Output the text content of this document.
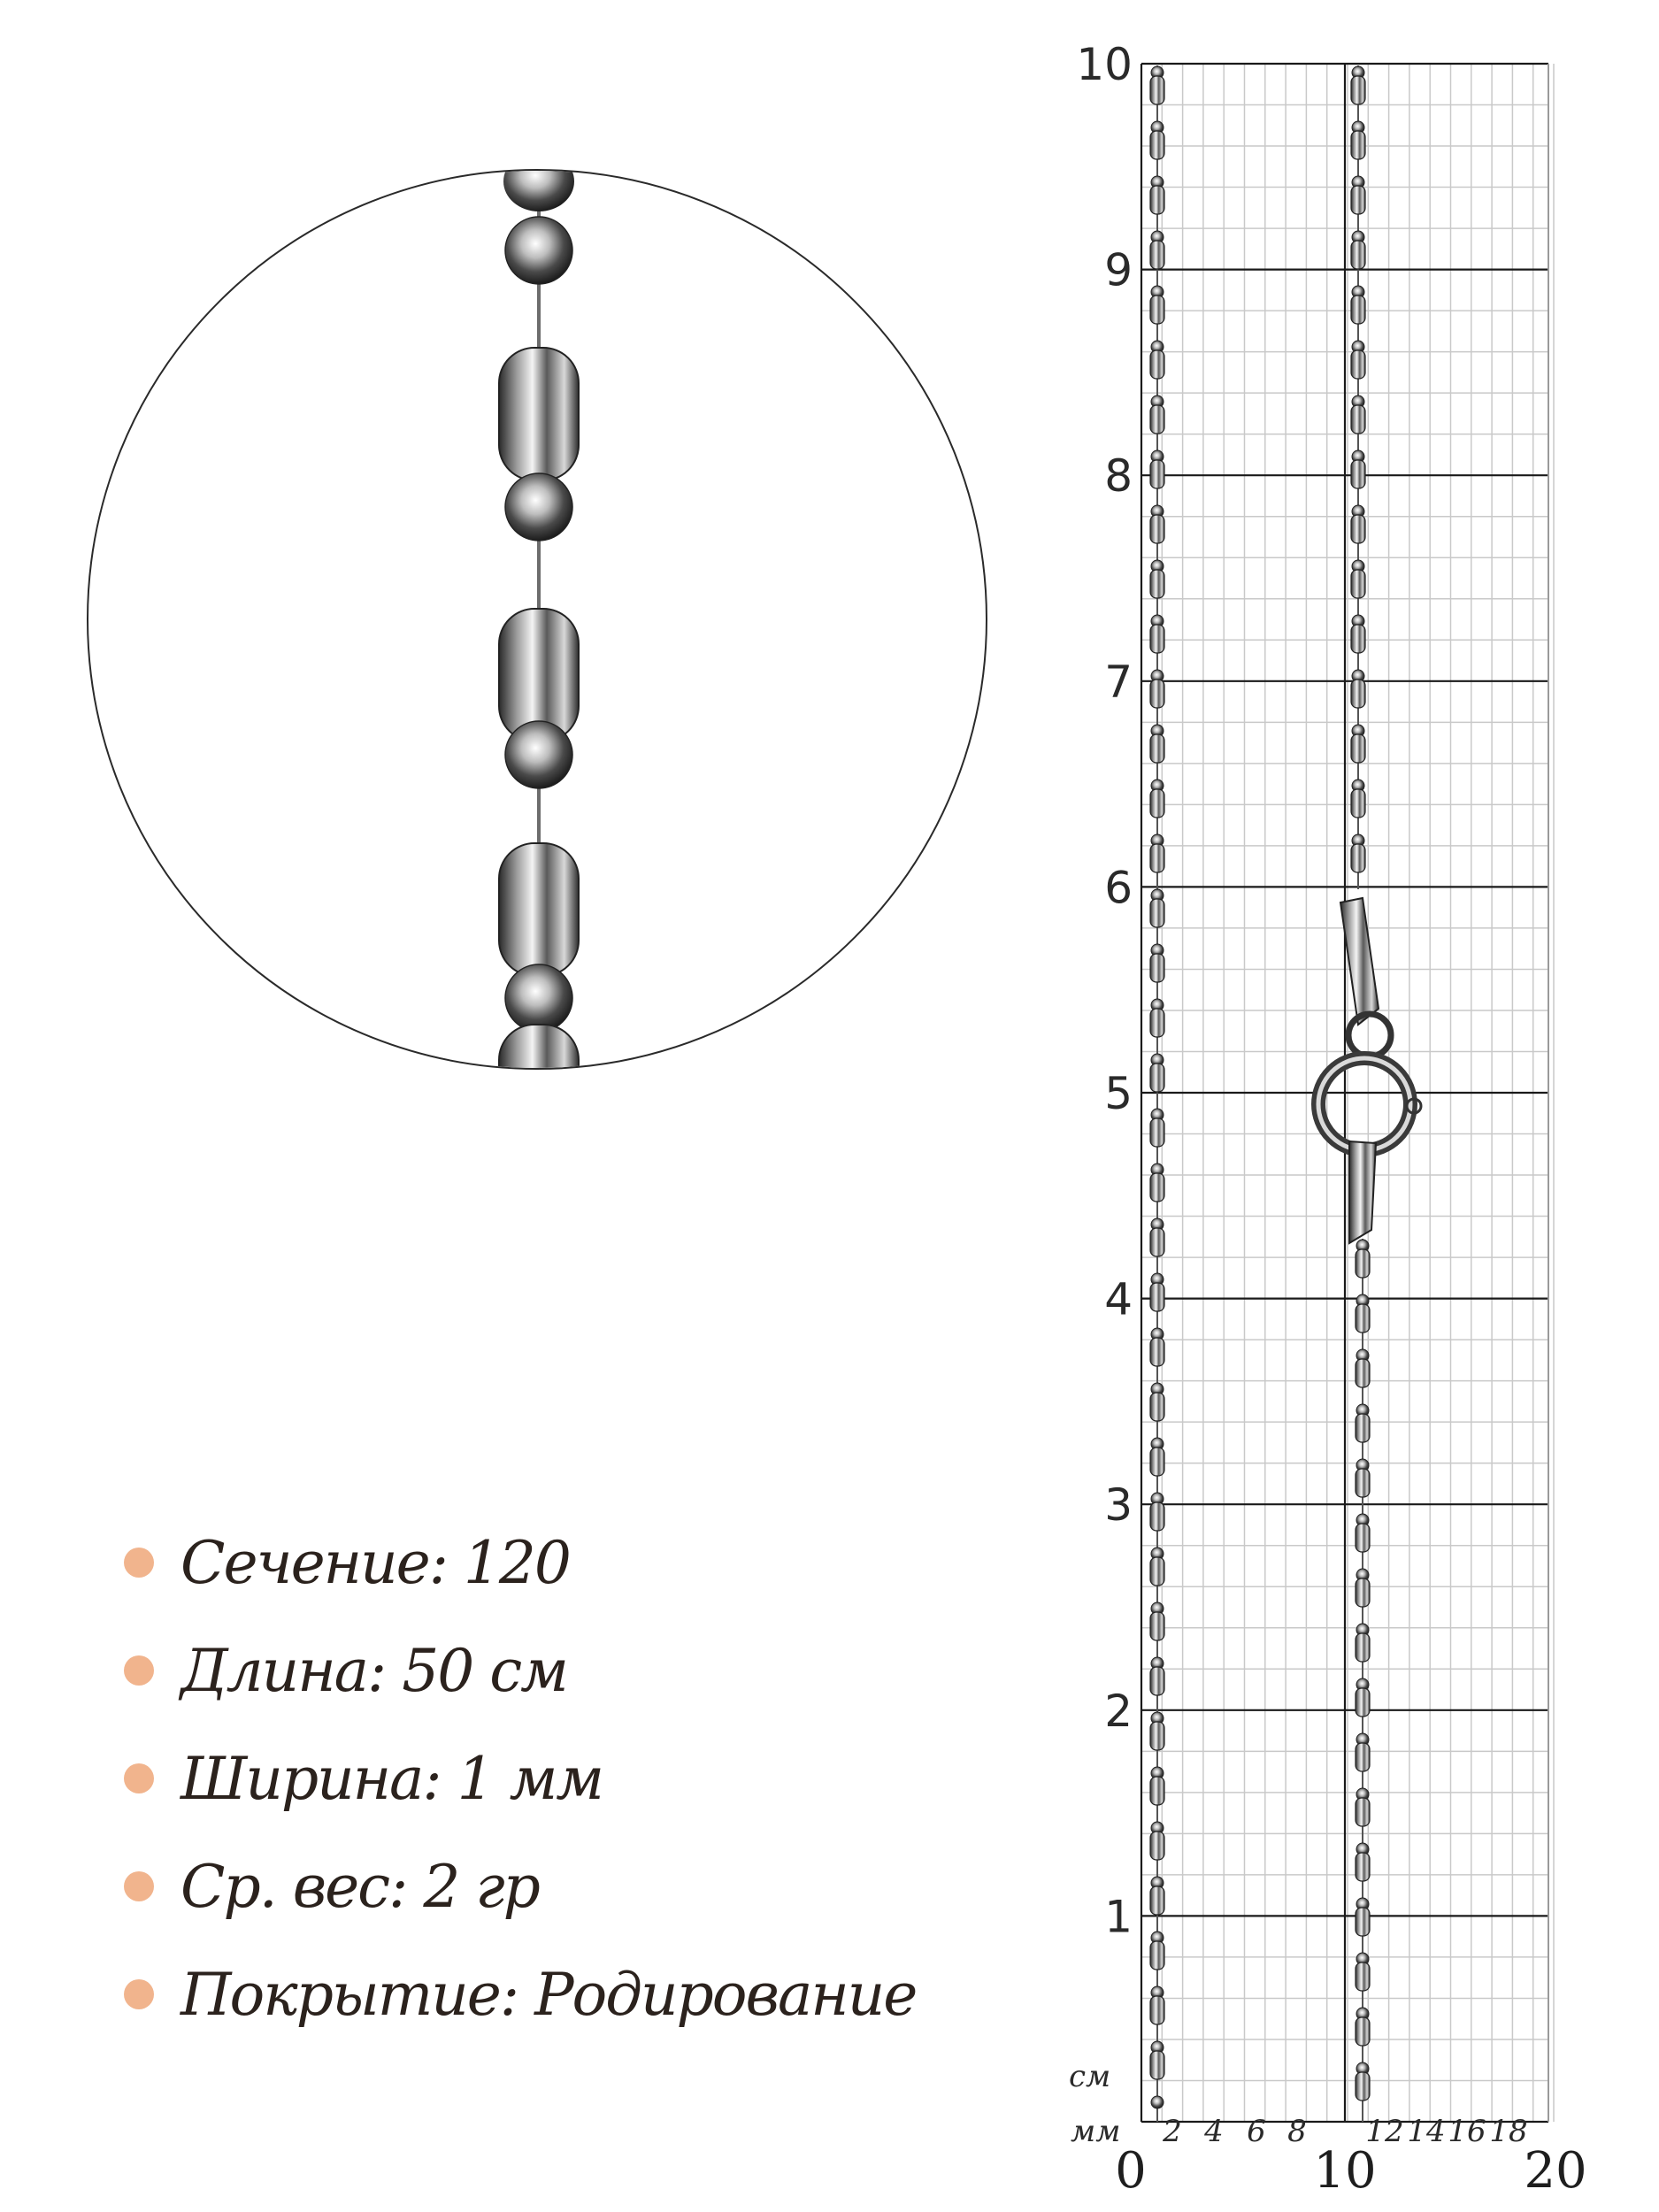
Сечение: 120
Длина: 50 см
Ширина: 1 мм
Ср. вес: 2 гр
Покрытие: Родирование
10
9
8
7
6
5
4
3
2
1
см
мм 2 4 6 8 12 14 16 18
0	10	20
